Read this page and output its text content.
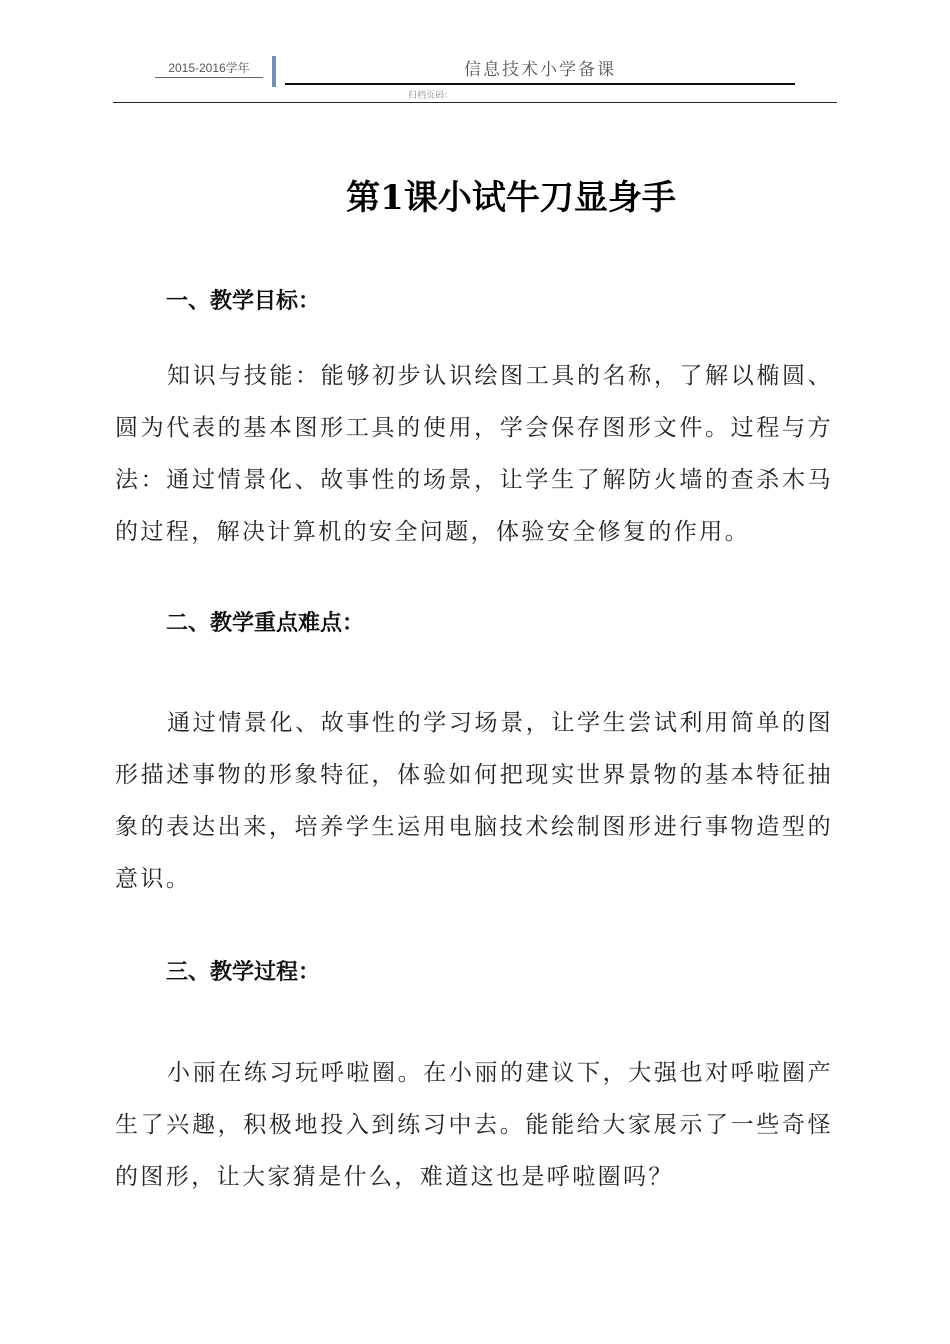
2015-2016学年	信息技术小学备课
归档页码：
第1课小试牛刀显身手
一、教学目标：
知识与技能：能够初步认识绘图工具的名称，了解以椭圆、圆为代表的基本图形工具的使用，学会保存图形文件。过程与方法：通过情景化、故事性的场景，让学生了解防火墙的查杀木马的过程，解决计算机的安全问题，体验安全修复的作用。
二、教学重点难点：
通过情景化、故事性的学习场景，让学生尝试利用简单的图形描述事物的形象特征，体验如何把现实世界景物的基本特征抽象的表达出来，培养学生运用电脑技术绘制图形进行事物造型的意识。
三、教学过程：
小丽在练习玩呼啦圈。在小丽的建议下，大强也对呼啦圈产生了兴趣，积极地投入到练习中去。能能给大家展示了一些奇怪的图形，让大家猜是什么，难道这也是呼啦圈吗？
